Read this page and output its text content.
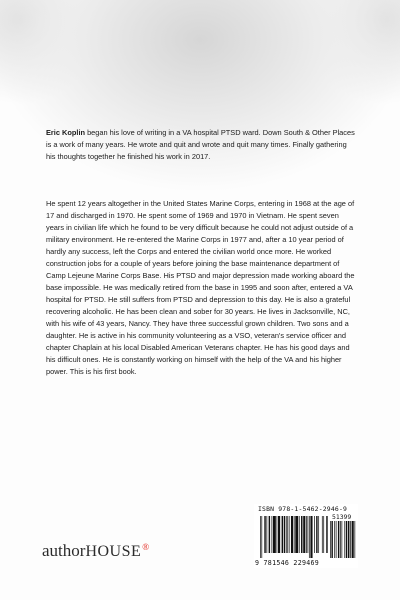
Eric Koplin began his love of writing in a VA hospital PTSD ward. Down South & Other Places is a work of many years. He wrote and quit and wrote and quit many times. Finally gathering his thoughts together he finished his work in 2017.

He spent 12 years altogether in the United States Marine Corps, entering in 1968 at the age of 17 and discharged in 1970. He spent some of 1969 and 1970 in Vietnam. He spent seven years in civilian life which he found to be very difficult because he could not adjust outside of a military environment. He re-entered the Marine Corps in 1977 and, after a 10 year period of hardly any success, left the Corps and entered the civilian world once more. He worked construction jobs for a couple of years before joining the base maintenance department of Camp Lejeune Marine Corps Base. His PTSD and major depression made working aboard the base impossible. He was medically retired from the base in 1995 and soon after, entered a VA hospital for PTSD. He still suffers from PTSD and depression to this day. He is also a grateful recovering alcoholic. He has been clean and sober for 30 years. He lives in Jacksonville, NC, with his wife of 43 years, Nancy. They have three successful grown children. Two sons and a daughter. He is active in his community volunteering as a VSO, veteran's service officer and chapter Chaplain at his local Disabled American Veterans chapter. He has his good days and his difficult ones. He is constantly working on himself with the help of the VA and his higher power. This is his first book.

authorHOUSE®
ISBN 978-1-5462-2946-9
51399
9 781546 229469
